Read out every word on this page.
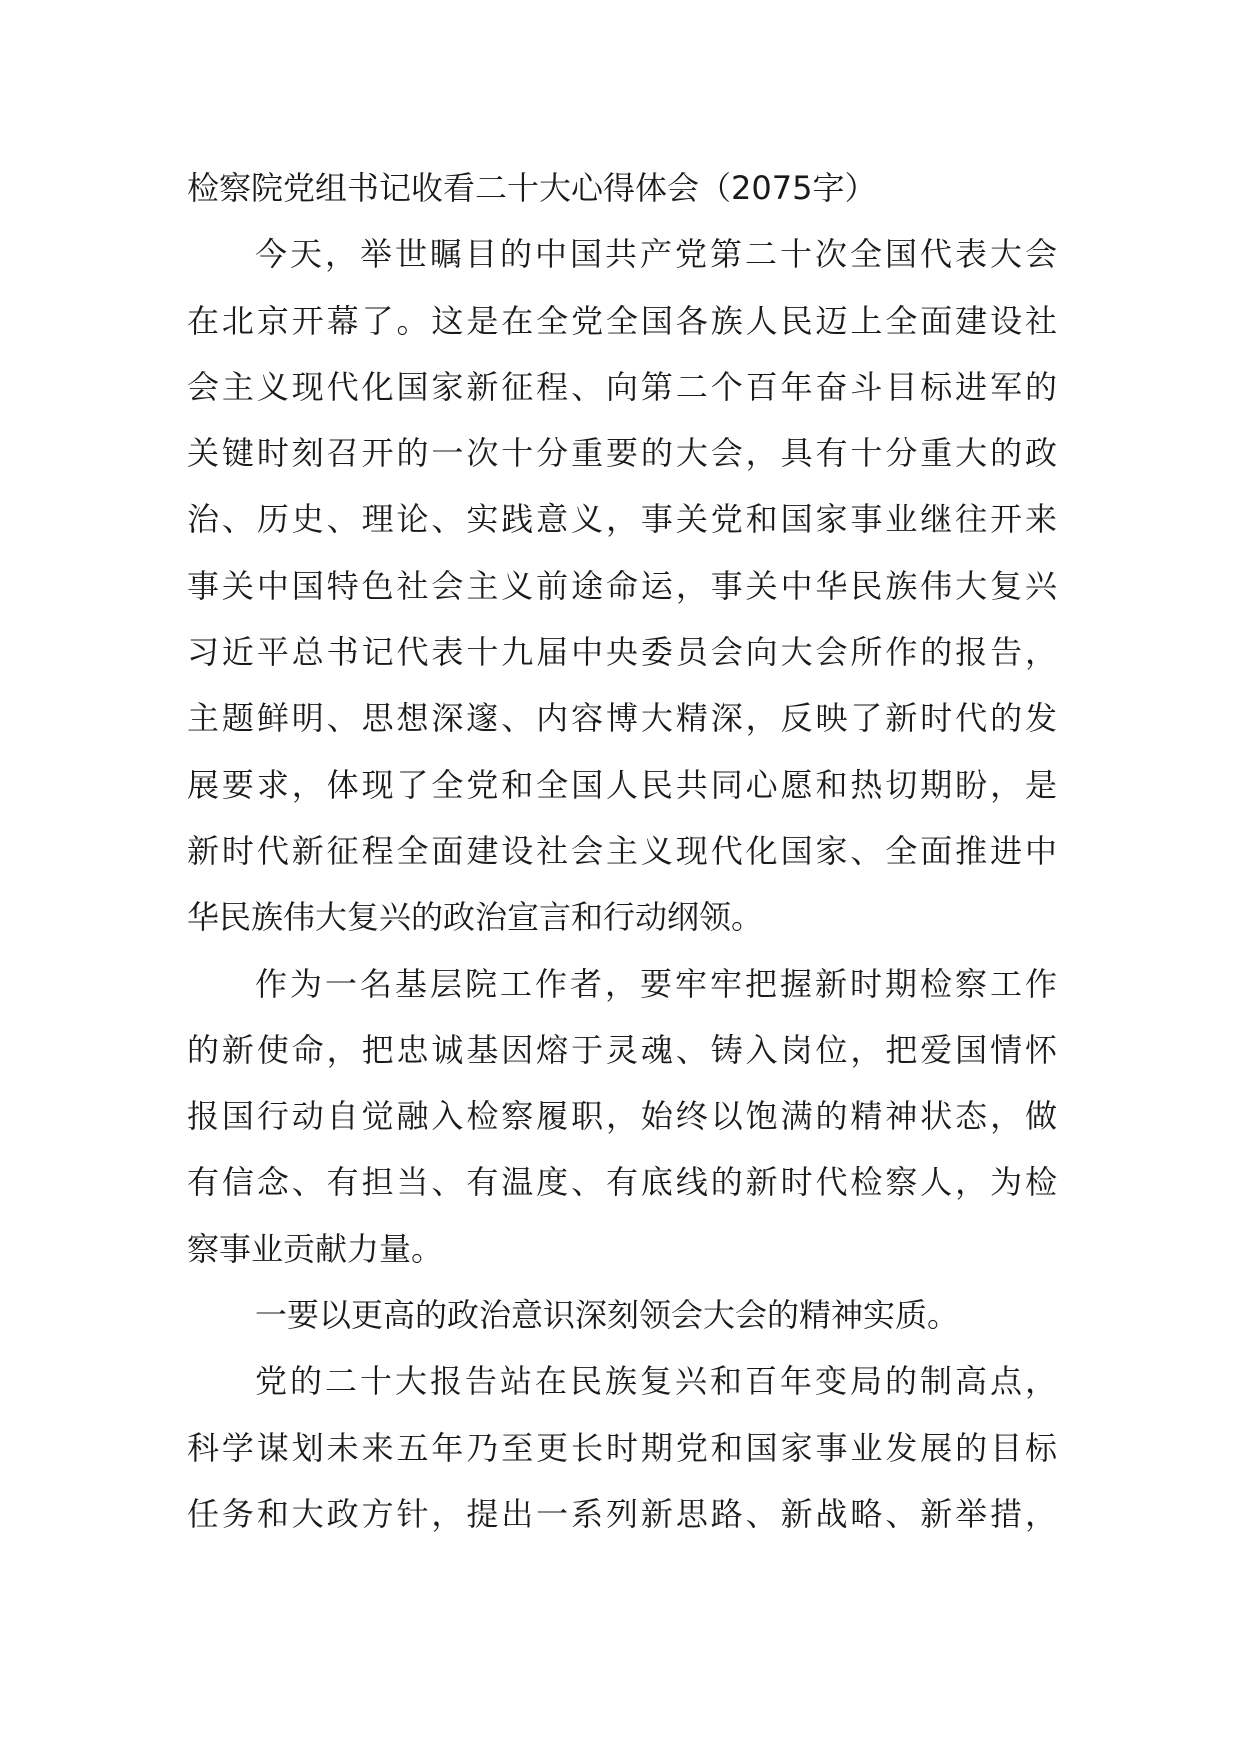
检察院党组书记收看二十大心得体会（2075字）
今天，举世瞩目的中国共产党第二十次全国代表大会
在北京开幕了。这是在全党全国各族人民迈上全面建设社
会主义现代化国家新征程、向第二个百年奋斗目标进军的
关键时刻召开的一次十分重要的大会，具有十分重大的政
治、历史、理论、实践意义，事关党和国家事业继往开来
事关中国特色社会主义前途命运，事关中华民族伟大复兴
习近平总书记代表十九届中央委员会向大会所作的报告，
主题鲜明、思想深邃、内容博大精深，反映了新时代的发
展要求，体现了全党和全国人民共同心愿和热切期盼，是
新时代新征程全面建设社会主义现代化国家、全面推进中
华民族伟大复兴的政治宣言和行动纲领。
作为一名基层院工作者，要牢牢把握新时期检察工作
的新使命，把忠诚基因熔于灵魂、铸入岗位，把爱国情怀
报国行动自觉融入检察履职，始终以饱满的精神状态，做
有信念、有担当、有温度、有底线的新时代检察人，为检
察事业贡献力量。
一要以更高的政治意识深刻领会大会的精神实质。
党的二十大报告站在民族复兴和百年变局的制高点，
科学谋划未来五年乃至更长时期党和国家事业发展的目标
任务和大政方针，提出一系列新思路、新战略、新举措，
